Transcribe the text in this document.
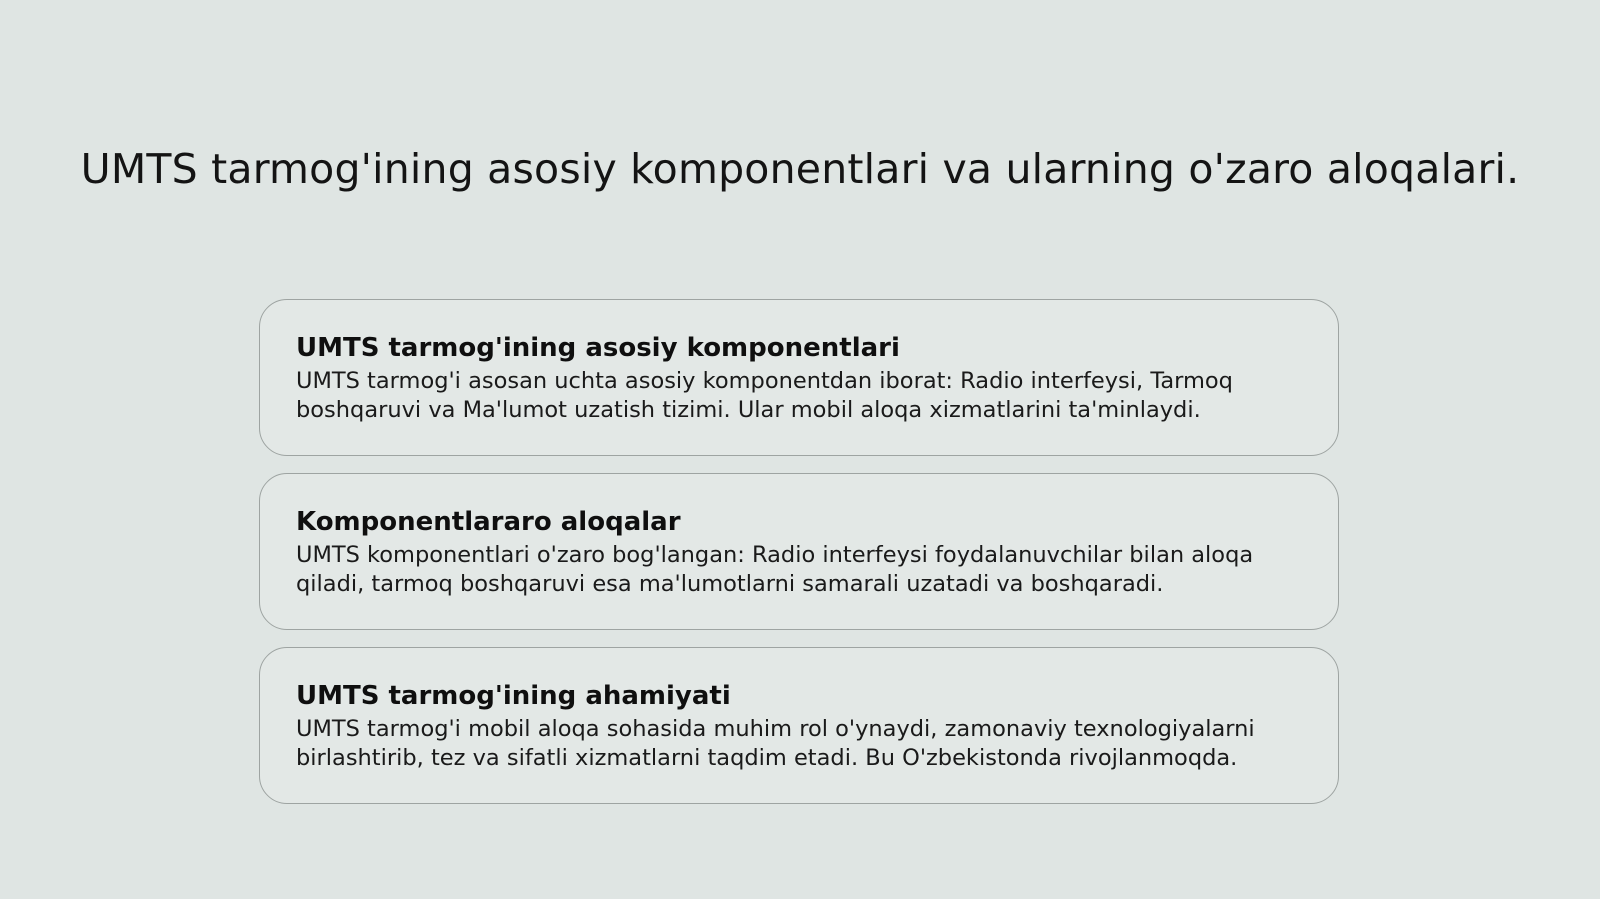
UMTS tarmog'ining asosiy komponentlari va ularning o'zaro aloqalari.

UMTS tarmog'ining asosiy komponentlari

UMTS tarmog'i asosan uchta asosiy komponentdan iborat: Radio interfeysi, Tarmoq boshqaruvi va Ma'lumot uzatish tizimi. Ular mobil aloqa xizmatlarini ta'minlaydi.

Komponentlararo aloqalar

UMTS komponentlari o'zaro bog'langan: Radio interfeysi foydalanuvchilar bilan aloqa qiladi, tarmoq boshqaruvi esa ma'lumotlarni samarali uzatadi va boshqaradi.

UMTS tarmog'ining ahamiyati

UMTS tarmog'i mobil aloqa sohasida muhim rol o'ynaydi, zamonaviy texnologiyalarni birlashtirib, tez va sifatli xizmatlarni taqdim etadi. Bu O'zbekistonda rivojlanmoqda.
